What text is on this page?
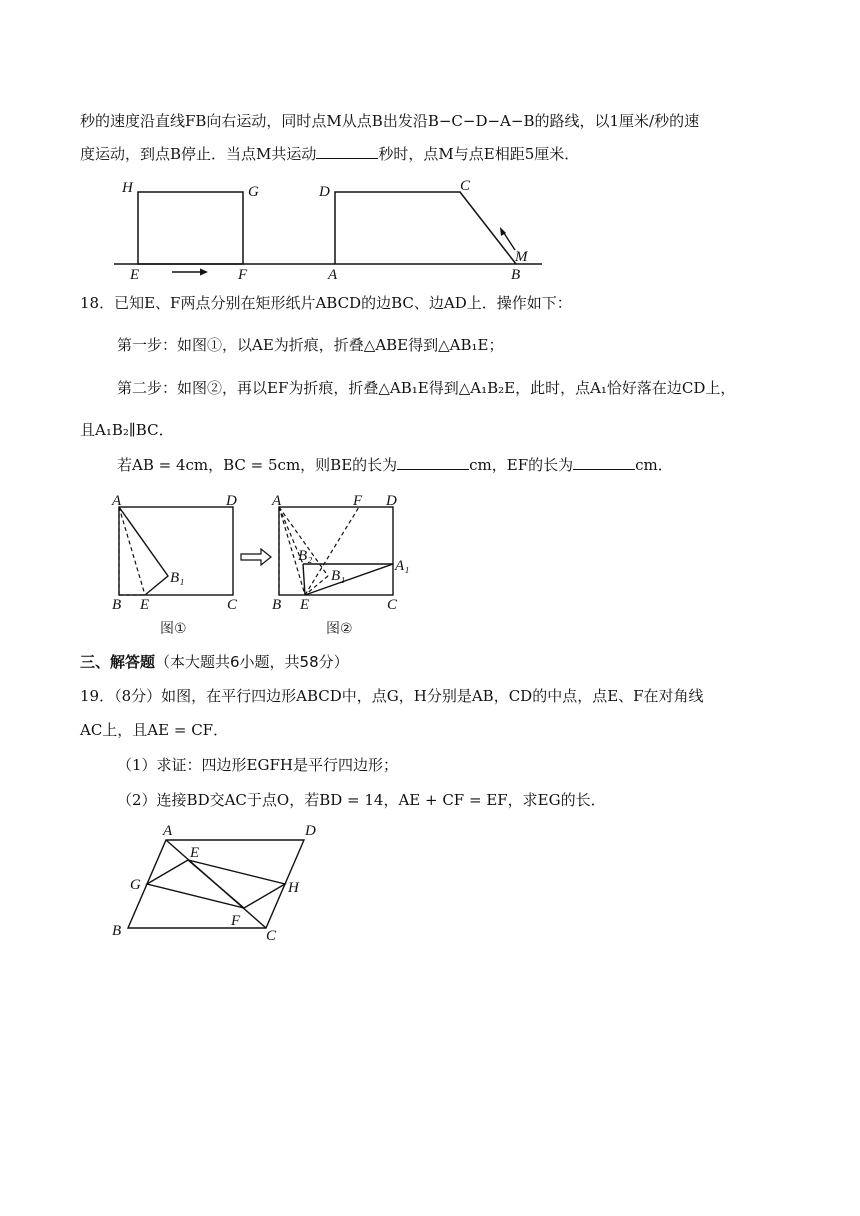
秒的速度沿直线FB向右运动，同时点M从点B出发沿B−C−D−A−B的路线，以1厘米/秒的速
度运动，到点B停止．当点M共运动	秒时，点M与点E相距5厘米．
H	G	D	C
M
E	F	A	B
18．已知E、F两点分别在矩形纸片ABCD的边BC、边AD上．操作如下：
第一步：如图①，以AE为折痕，折叠△ABE得到△AB₁E；
第二步：如图②，再以EF为折痕，折叠△AB₁E得到△A₁B₂E，此时，点A₁恰好落在边CD上，
且A₁B₂∥BC．
若AB = 4cm，BC = 5cm，则BE的长为	cm，EF的长为	cm．
A	D
B₁
B E	C
图①
A	F D
B₂
B₁
A₁
B E	C
图②
三、解答题（本大题共6小题，共58分）
19．（8分）如图，在平行四边形ABCD中，点G，H分别是AB，CD的中点，点E、F在对角线
AC上，且AE = CF．
（1）求证：四边形EGFH是平行四边形；
（2）连接BD交AC于点O，若BD = 14，AE + CF = EF，求EG的长．
A	D
E
G	H
F
B	C
